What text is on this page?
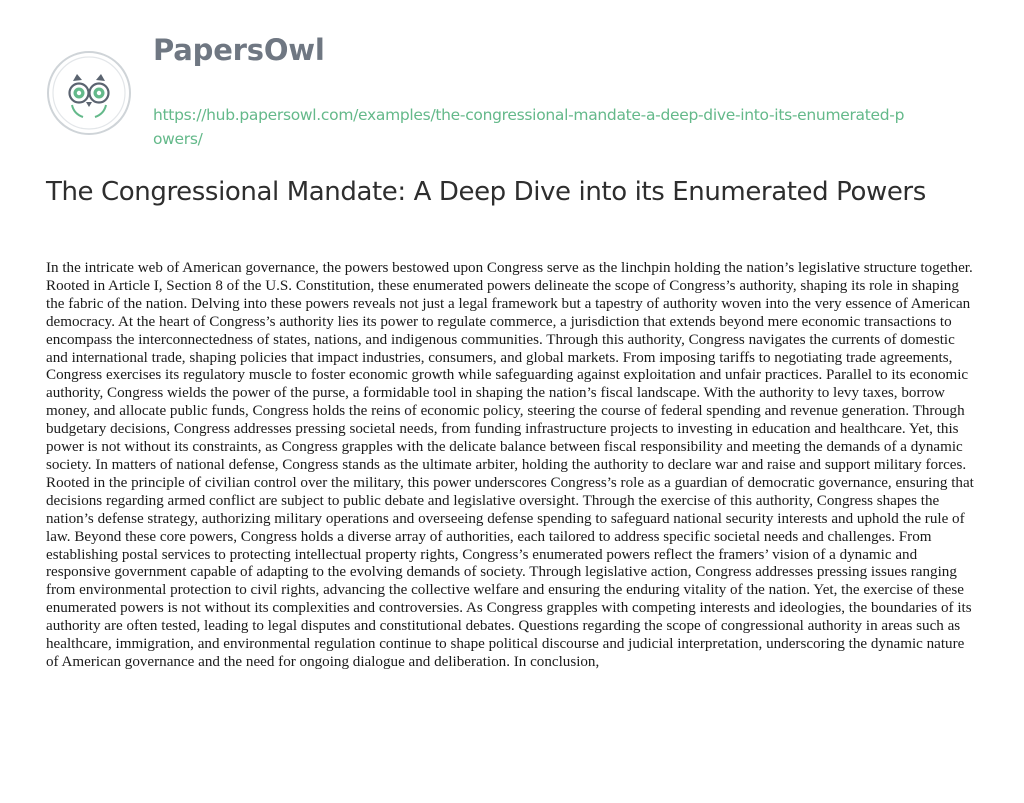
PapersOwl
https://hub.papersowl.com/examples/the-congressional-mandate-a-deep-dive-into-its-enumerated-powers/
The Congressional Mandate: A Deep Dive into its Enumerated Powers

In the intricate web of American governance, the powers bestowed upon Congress serve as the linchpin holding the nation’s legislative structure together. Rooted in Article I, Section 8 of the U.S. Constitution, these enumerated powers delineate the scope of Congress’s authority, shaping its role in shaping the fabric of the nation. Delving into these powers reveals not just a legal framework but a tapestry of authority woven into the very essence of American democracy. At the heart of Congress’s authority lies its power to regulate commerce, a jurisdiction that extends beyond mere economic transactions to encompass the interconnectedness of states, nations, and indigenous communities. Through this authority, Congress navigates the currents of domestic and international trade, shaping policies that impact industries, consumers, and global markets. From imposing tariffs to negotiating trade agreements, Congress exercises its regulatory muscle to foster economic growth while safeguarding against exploitation and unfair practices. Parallel to its economic authority, Congress wields the power of the purse, a formidable tool in shaping the nation’s fiscal landscape. With the authority to levy taxes, borrow money, and allocate public funds, Congress holds the reins of economic policy, steering the course of federal spending and revenue generation. Through budgetary decisions, Congress addresses pressing societal needs, from funding infrastructure projects to investing in education and healthcare. Yet, this power is not without its constraints, as Congress grapples with the delicate balance between fiscal responsibility and meeting the demands of a dynamic society. In matters of national defense, Congress stands as the ultimate arbiter, holding the authority to declare war and raise and support military forces. Rooted in the principle of civilian control over the military, this power underscores Congress’s role as a guardian of democratic governance, ensuring that decisions regarding armed conflict are subject to public debate and legislative oversight. Through the exercise of this authority, Congress shapes the nation’s defense strategy, authorizing military operations and overseeing defense spending to safeguard national security interests and uphold the rule of law. Beyond these core powers, Congress holds a diverse array of authorities, each tailored to address specific societal needs and challenges. From establishing postal services to protecting intellectual property rights, Congress’s enumerated powers reflect the framers’ vision of a dynamic and responsive government capable of adapting to the evolving demands of society. Through legislative action, Congress addresses pressing issues ranging from environmental protection to civil rights, advancing the collective welfare and ensuring the enduring vitality of the nation. Yet, the exercise of these enumerated powers is not without its complexities and controversies. As Congress grapples with competing interests and ideologies, the boundaries of its authority are often tested, leading to legal disputes and constitutional debates. Questions regarding the scope of congressional authority in areas such as healthcare, immigration, and environmental regulation continue to shape political discourse and judicial interpretation, underscoring the dynamic nature of American governance and the need for ongoing dialogue and deliberation. In conclusion,
